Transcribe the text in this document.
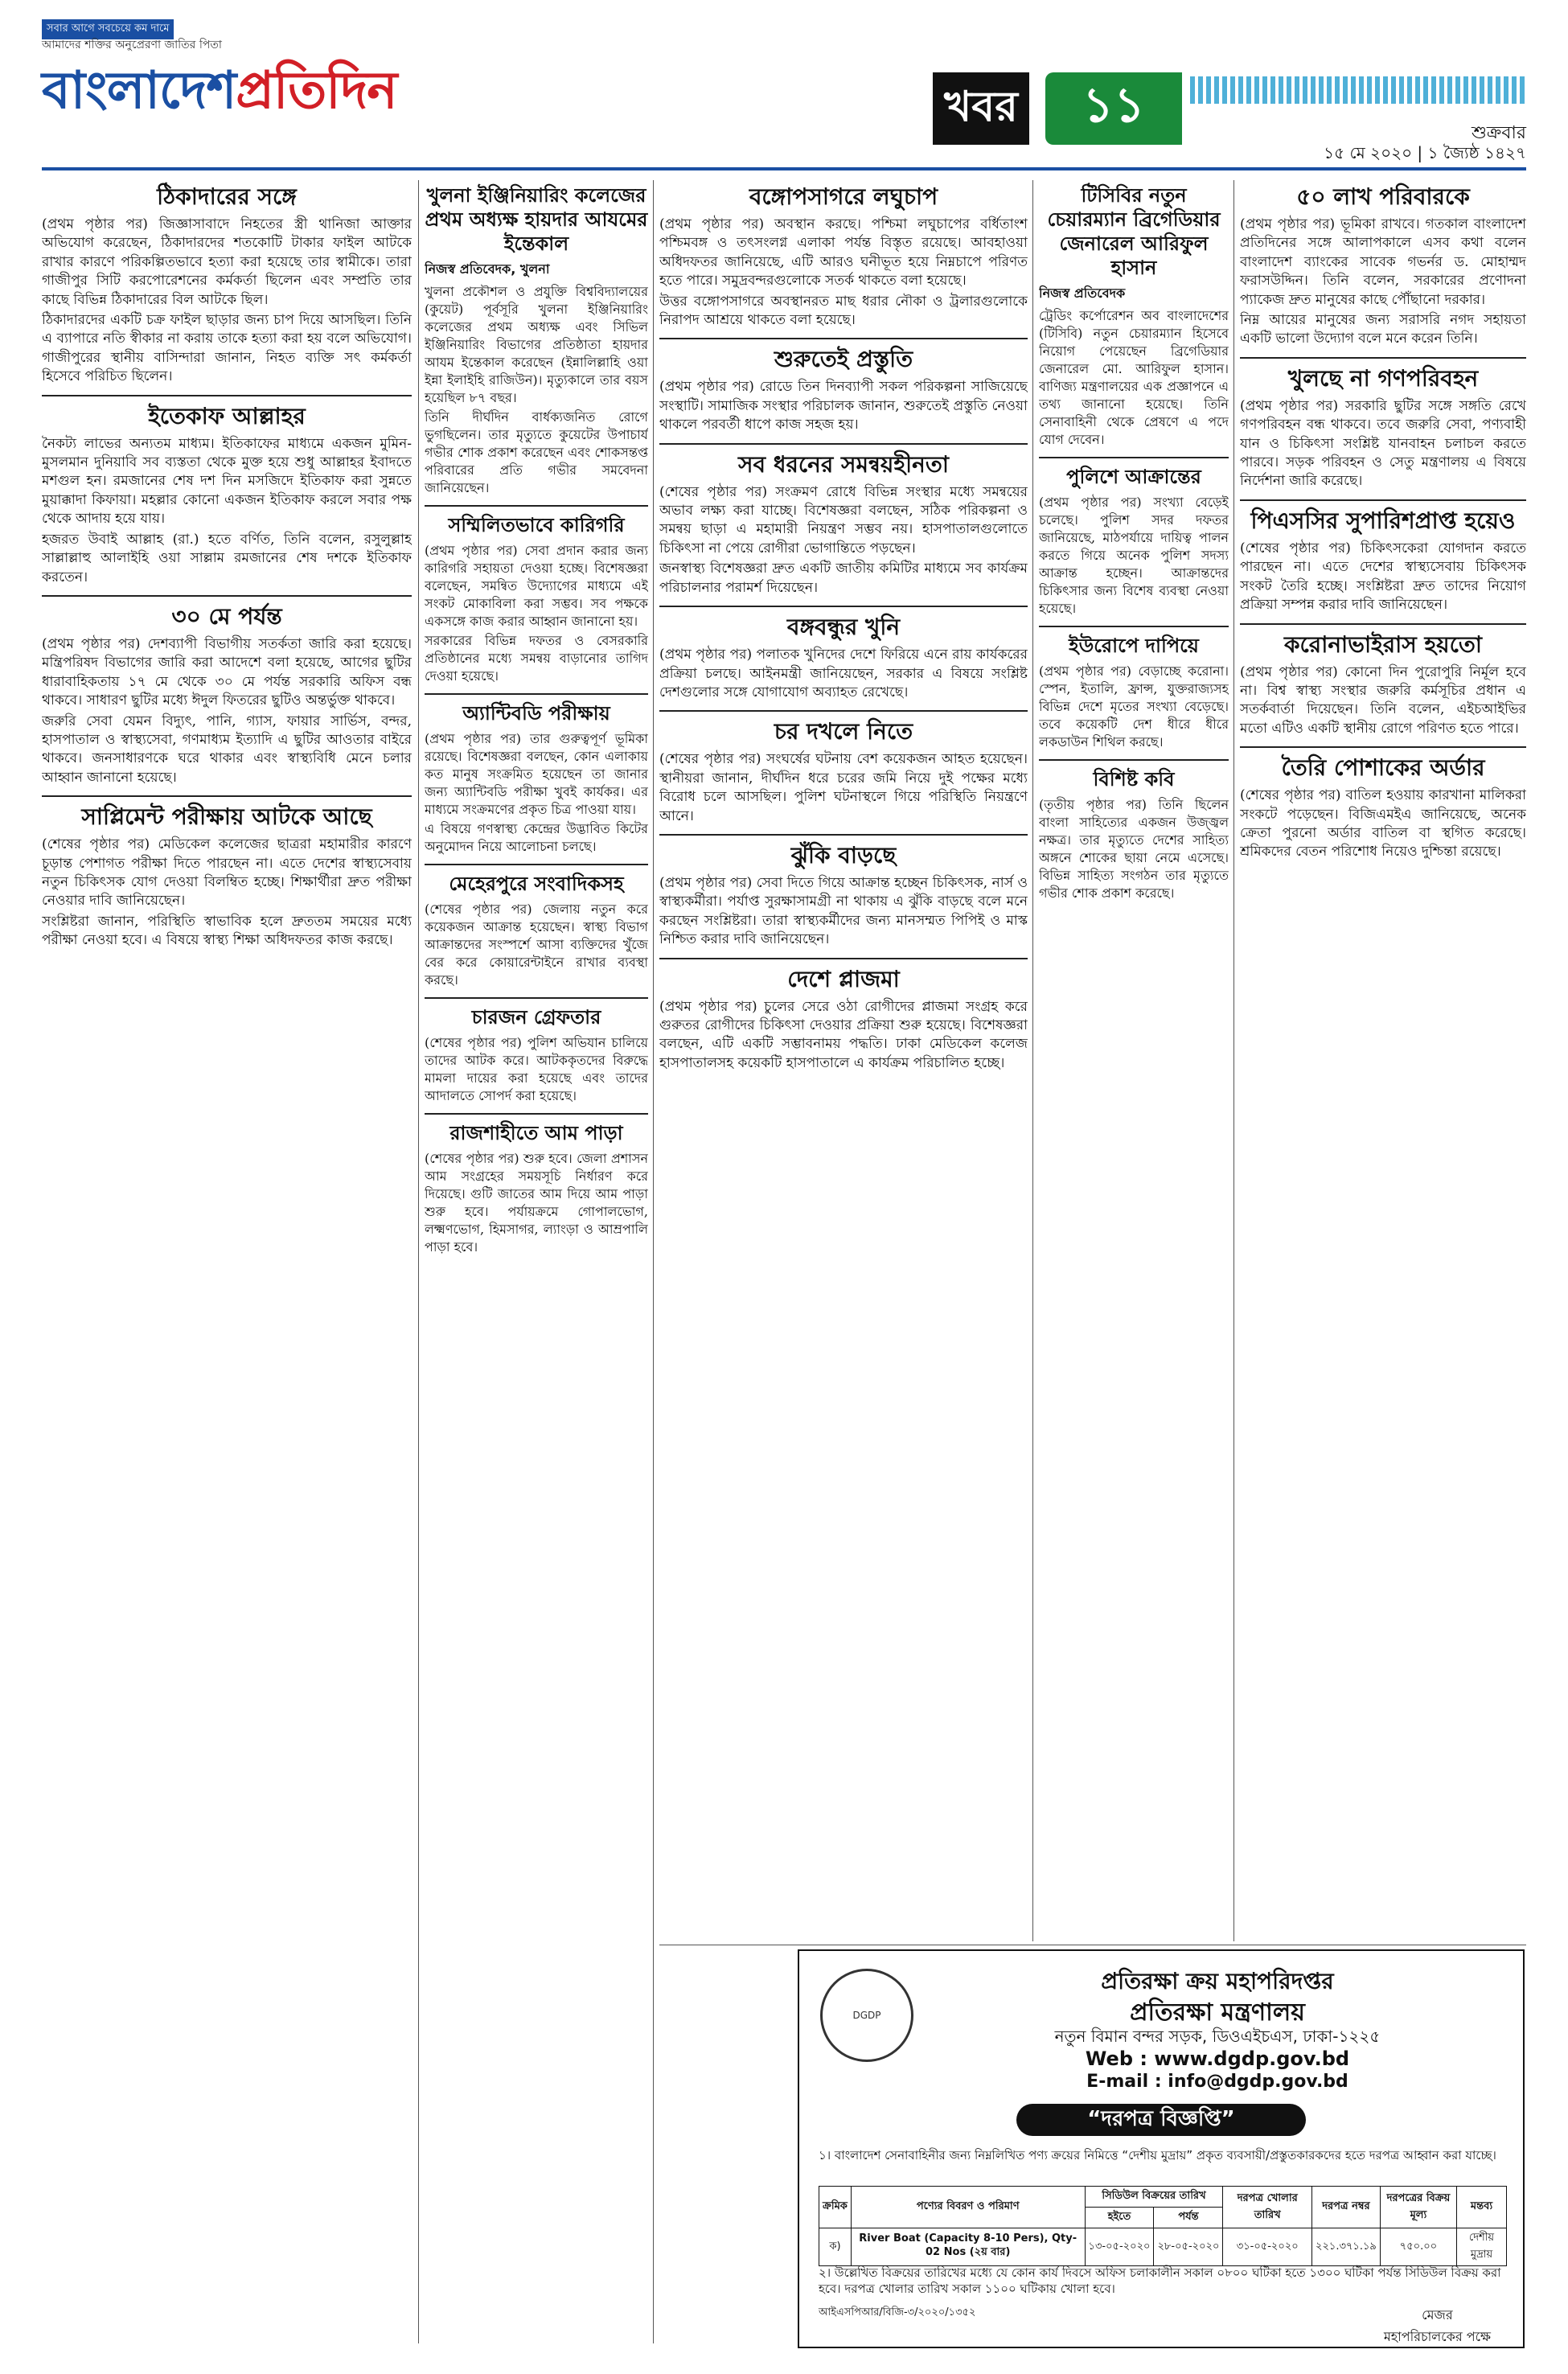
সবার আগে সবচেয়ে কম দামে
আমাদের শক্তির অনুপ্রেরণা জাতির পিতা
বাংলাদেশপ্রতিদিন	খবর	১১	শুক্রবার
১৫ মে ২০২০ | ১ জ্যৈষ্ঠ ১৪২৭
ঠিকাদারের সঙ্গে

(প্রথম পৃষ্ঠার পর) জিজ্ঞাসাবাদে নিহতের স্ত্রী থানিজা আক্তার অভিযোগ করেছেন, ঠিকাদারদের শতকোটি টাকার ফাইল আটকে রাখার কারণে পরিকল্পিতভাবে হত্যা করা হয়েছে তার স্বামীকে। তারা গাজীপুর সিটি করপোরেশনের কর্মকর্তা ছিলেন এবং সম্প্রতি তার কাছে বিভিন্ন ঠিকাদারের বিল আটকে ছিল।

ঠিকাদারদের একটি চক্র ফাইল ছাড়ার জন্য চাপ দিয়ে আসছিল। তিনি এ ব্যাপারে নতি স্বীকার না করায় তাকে হত্যা করা হয় বলে অভিযোগ। গাজীপুরের স্থানীয় বাসিন্দারা জানান, নিহত ব্যক্তি সৎ কর্মকর্তা হিসেবে পরিচিত ছিলেন।

ইতেকাফ আল্লাহর

নৈকট্য লাভের অন্যতম মাধ্যম। ইতিকাফের মাধ্যমে একজন মুমিন-মুসলমান দুনিয়াবি সব ব্যস্ততা থেকে মুক্ত হয়ে শুধু আল্লাহর ইবাদতে মশগুল হন। রমজানের শেষ দশ দিন মসজিদে ইতিকাফ করা সুন্নতে মুয়াক্কাদা কিফায়া। মহল্লার কোনো একজন ইতিকাফ করলে সবার পক্ষ থেকে আদায় হয়ে যায়।

হজরত উবাই আল্লাহ (রা.) হতে বর্ণিত, তিনি বলেন, রসুলুল্লাহ সাল্লাল্লাহু আলাইহি ওয়া সাল্লাম রমজানের শেষ দশকে ইতিকাফ করতেন।

৩০ মে পর্যন্ত

(প্রথম পৃষ্ঠার পর) দেশব্যাপী বিভাগীয় সতর্কতা জারি করা হয়েছে। মন্ত্রিপরিষদ বিভাগের জারি করা আদেশে বলা হয়েছে, আগের ছুটির ধারাবাহিকতায় ১৭ মে থেকে ৩০ মে পর্যন্ত সরকারি অফিস বন্ধ থাকবে। সাধারণ ছুটির মধ্যে ঈদুল ফিতরের ছুটিও অন্তর্ভুক্ত থাকবে।

জরুরি সেবা যেমন বিদ্যুৎ, পানি, গ্যাস, ফায়ার সার্ভিস, বন্দর, হাসপাতাল ও স্বাস্থ্যসেবা, গণমাধ্যম ইত্যাদি এ ছুটির আওতার বাইরে থাকবে। জনসাধারণকে ঘরে থাকার এবং স্বাস্থ্যবিধি মেনে চলার আহ্বান জানানো হয়েছে।

সাপ্লিমেন্ট পরীক্ষায় আটকে আছে

(শেষের পৃষ্ঠার পর) মেডিকেল কলেজের ছাত্ররা মহামারীর কারণে চূড়ান্ত পেশাগত পরীক্ষা দিতে পারছেন না। এতে দেশের স্বাস্থ্যসেবায় নতুন চিকিৎসক যোগ দেওয়া বিলম্বিত হচ্ছে। শিক্ষার্থীরা দ্রুত পরীক্ষা নেওয়ার দাবি জানিয়েছেন।

সংশ্লিষ্টরা জানান, পরিস্থিতি স্বাভাবিক হলে দ্রুততম সময়ের মধ্যে পরীক্ষা নেওয়া হবে। এ বিষয়ে স্বাস্থ্য শিক্ষা অধিদফতর কাজ করছে।

খুলনা ইঞ্জিনিয়ারিং কলেজের প্রথম অধ্যক্ষ হায়দার আযমের ইন্তেকাল
নিজস্ব প্রতিবেদক, খুলনা

খুলনা প্রকৌশল ও প্রযুক্তি বিশ্ববিদ্যালয়ের (কুয়েট) পূর্বসূরি খুলনা ইঞ্জিনিয়ারিং কলেজের প্রথম অধ্যক্ষ এবং সিভিল ইঞ্জিনিয়ারিং বিভাগের প্রতিষ্ঠাতা হায়দার আযম ইন্তেকাল করেছেন (ইন্নালিল্লাহি ওয়া ইন্না ইলাইহি রাজিউন)। মৃত্যুকালে তার বয়স হয়েছিল ৮৭ বছর।

তিনি দীর্ঘদিন বার্ধক্যজনিত রোগে ভুগছিলেন। তার মৃত্যুতে কুয়েটের উপাচার্য গভীর শোক প্রকাশ করেছেন এবং শোকসন্তপ্ত পরিবারের প্রতি গভীর সমবেদনা জানিয়েছেন।

সম্মিলিতভাবে কারিগরি

(প্রথম পৃষ্ঠার পর) সেবা প্রদান করার জন্য কারিগরি সহায়তা দেওয়া হচ্ছে। বিশেষজ্ঞরা বলেছেন, সমন্বিত উদ্যোগের মাধ্যমে এই সংকট মোকাবিলা করা সম্ভব। সব পক্ষকে একসঙ্গে কাজ করার আহ্বান জানানো হয়।

সরকারের বিভিন্ন দফতর ও বেসরকারি প্রতিষ্ঠানের মধ্যে সমন্বয় বাড়ানোর তাগিদ দেওয়া হয়েছে।

অ্যান্টিবডি পরীক্ষায়

(প্রথম পৃষ্ঠার পর) তার গুরুত্বপূর্ণ ভূমিকা রয়েছে। বিশেষজ্ঞরা বলছেন, কোন এলাকায় কত মানুষ সংক্রমিত হয়েছেন তা জানার জন্য অ্যান্টিবডি পরীক্ষা খুবই কার্যকর। এর মাধ্যমে সংক্রমণের প্রকৃত চিত্র পাওয়া যায়।

এ বিষয়ে গণস্বাস্থ্য কেন্দ্রের উদ্ভাবিত কিটের অনুমোদন নিয়ে আলোচনা চলছে।

মেহেরপুরে সংবাদিকসহ

(শেষের পৃষ্ঠার পর) জেলায় নতুন করে কয়েকজন আক্রান্ত হয়েছেন। স্বাস্থ্য বিভাগ আক্রান্তদের সংস্পর্শে আসা ব্যক্তিদের খুঁজে বের করে কোয়ারেন্টাইনে রাখার ব্যবস্থা করছে।

চারজন গ্রেফতার

(শেষের পৃষ্ঠার পর) পুলিশ অভিযান চালিয়ে তাদের আটক করে। আটককৃতদের বিরুদ্ধে মামলা দায়ের করা হয়েছে এবং তাদের আদালতে সোপর্দ করা হয়েছে।

রাজশাহীতে আম পাড়া

(শেষের পৃষ্ঠার পর) শুরু হবে। জেলা প্রশাসন আম সংগ্রহের সময়সূচি নির্ধারণ করে দিয়েছে। গুটি জাতের আম দিয়ে আম পাড়া শুরু হবে। পর্যায়ক্রমে গোপালভোগ, লক্ষ্মণভোগ, হিমসাগর, ল্যাংড়া ও আম্রপালি পাড়া হবে।

বঙ্গোপসাগরে লঘুচাপ

(প্রথম পৃষ্ঠার পর) অবস্থান করছে। পশ্চিমা লঘুচাপের বর্ধিতাংশ পশ্চিমবঙ্গ ও তৎসংলগ্ন এলাকা পর্যন্ত বিস্তৃত রয়েছে। আবহাওয়া অধিদফতর জানিয়েছে, এটি আরও ঘনীভূত হয়ে নিম্নচাপে পরিণত হতে পারে। সমুদ্রবন্দরগুলোকে সতর্ক থাকতে বলা হয়েছে।

উত্তর বঙ্গোপসাগরে অবস্থানরত মাছ ধরার নৌকা ও ট্রলারগুলোকে নিরাপদ আশ্রয়ে থাকতে বলা হয়েছে।

শুরুতেই প্রস্তুতি

(প্রথম পৃষ্ঠার পর) রোডে তিন দিনব্যাপী সকল পরিকল্পনা সাজিয়েছে সংস্থাটি। সামাজিক সংস্থার পরিচালক জানান, শুরুতেই প্রস্তুতি নেওয়া থাকলে পরবর্তী ধাপে কাজ সহজ হয়।

সব ধরনের সমন্বয়হীনতা

(শেষের পৃষ্ঠার পর) সংক্রমণ রোধে বিভিন্ন সংস্থার মধ্যে সমন্বয়ের অভাব লক্ষ্য করা যাচ্ছে। বিশেষজ্ঞরা বলছেন, সঠিক পরিকল্পনা ও সমন্বয় ছাড়া এ মহামারী নিয়ন্ত্রণ সম্ভব নয়। হাসপাতালগুলোতে চিকিৎসা না পেয়ে রোগীরা ভোগান্তিতে পড়ছেন।

জনস্বাস্থ্য বিশেষজ্ঞরা দ্রুত একটি জাতীয় কমিটির মাধ্যমে সব কার্যক্রম পরিচালনার পরামর্শ দিয়েছেন।

বঙ্গবন্ধুর খুনি

(প্রথম পৃষ্ঠার পর) পলাতক খুনিদের দেশে ফিরিয়ে এনে রায় কার্যকরের প্রক্রিয়া চলছে। আইনমন্ত্রী জানিয়েছেন, সরকার এ বিষয়ে সংশ্লিষ্ট দেশগুলোর সঙ্গে যোগাযোগ অব্যাহত রেখেছে।

চর দখলে নিতে

(শেষের পৃষ্ঠার পর) সংঘর্ষের ঘটনায় বেশ কয়েকজন আহত হয়েছেন। স্থানীয়রা জানান, দীর্ঘদিন ধরে চরের জমি নিয়ে দুই পক্ষের মধ্যে বিরোধ চলে আসছিল। পুলিশ ঘটনাস্থলে গিয়ে পরিস্থিতি নিয়ন্ত্রণে আনে।

ঝুঁকি বাড়ছে

(প্রথম পৃষ্ঠার পর) সেবা দিতে গিয়ে আক্রান্ত হচ্ছেন চিকিৎসক, নার্স ও স্বাস্থ্যকর্মীরা। পর্যাপ্ত সুরক্ষাসামগ্রী না থাকায় এ ঝুঁকি বাড়ছে বলে মনে করছেন সংশ্লিষ্টরা। তারা স্বাস্থ্যকর্মীদের জন্য মানসম্মত পিপিই ও মাস্ক নিশ্চিত করার দাবি জানিয়েছেন।

দেশে প্লাজমা

(প্রথম পৃষ্ঠার পর) চুলের সেরে ওঠা রোগীদের প্লাজমা সংগ্রহ করে গুরুতর রোগীদের চিকিৎসা দেওয়ার প্রক্রিয়া শুরু হয়েছে। বিশেষজ্ঞরা বলছেন, এটি একটি সম্ভাবনাময় পদ্ধতি। ঢাকা মেডিকেল কলেজ হাসপাতালসহ কয়েকটি হাসপাতালে এ কার্যক্রম পরিচালিত হচ্ছে।

টিসিবির নতুন চেয়ারম্যান ব্রিগেডিয়ার জেনারেল আরিফুল হাসান
নিজস্ব প্রতিবেদক

ট্রেডিং কর্পোরেশন অব বাংলাদেশের (টিসিবি) নতুন চেয়ারম্যান হিসেবে নিয়োগ পেয়েছেন ব্রিগেডিয়ার জেনারেল মো. আরিফুল হাসান। বাণিজ্য মন্ত্রণালয়ের এক প্রজ্ঞাপনে এ তথ্য জানানো হয়েছে। তিনি সেনাবাহিনী থেকে প্রেষণে এ পদে যোগ দেবেন।

পুলিশে আক্রান্তের

(প্রথম পৃষ্ঠার পর) সংখ্যা বেড়েই চলেছে। পুলিশ সদর দফতর জানিয়েছে, মাঠপর্যায়ে দায়িত্ব পালন করতে গিয়ে অনেক পুলিশ সদস্য আক্রান্ত হচ্ছেন। আক্রান্তদের চিকিৎসার জন্য বিশেষ ব্যবস্থা নেওয়া হয়েছে।

ইউরোপে দাপিয়ে

(প্রথম পৃষ্ঠার পর) বেড়াচ্ছে করোনা। স্পেন, ইতালি, ফ্রান্স, যুক্তরাজ্যসহ বিভিন্ন দেশে মৃতের সংখ্যা বেড়েছে। তবে কয়েকটি দেশ ধীরে ধীরে লকডাউন শিথিল করছে।

বিশিষ্ট কবি

(তৃতীয় পৃষ্ঠার পর) তিনি ছিলেন বাংলা সাহিত্যের একজন উজ্জ্বল নক্ষত্র। তার মৃত্যুতে দেশের সাহিত্য অঙ্গনে শোকের ছায়া নেমে এসেছে। বিভিন্ন সাহিত্য সংগঠন তার মৃত্যুতে গভীর শোক প্রকাশ করেছে।

৫০ লাখ পরিবারকে

(প্রথম পৃষ্ঠার পর) ভূমিকা রাখবে। গতকাল বাংলাদেশ প্রতিদিনের সঙ্গে আলাপকালে এসব কথা বলেন বাংলাদেশ ব্যাংকের সাবেক গভর্নর ড. মোহাম্মদ ফরাসউদ্দিন। তিনি বলেন, সরকারের প্রণোদনা প্যাকেজ দ্রুত মানুষের কাছে পৌঁছানো দরকার।

নিম্ন আয়ের মানুষের জন্য সরাসরি নগদ সহায়তা একটি ভালো উদ্যোগ বলে মনে করেন তিনি।

খুলছে না গণপরিবহন

(প্রথম পৃষ্ঠার পর) সরকারি ছুটির সঙ্গে সঙ্গতি রেখে গণপরিবহন বন্ধ থাকবে। তবে জরুরি সেবা, পণ্যবাহী যান ও চিকিৎসা সংশ্লিষ্ট যানবাহন চলাচল করতে পারবে। সড়ক পরিবহন ও সেতু মন্ত্রণালয় এ বিষয়ে নির্দেশনা জারি করেছে।

পিএসসির সুপারিশপ্রাপ্ত হয়েও

(শেষের পৃষ্ঠার পর) চিকিৎসকেরা যোগদান করতে পারছেন না। এতে দেশের স্বাস্থ্যসেবায় চিকিৎসক সংকট তৈরি হচ্ছে। সংশ্লিষ্টরা দ্রুত তাদের নিয়োগ প্রক্রিয়া সম্পন্ন করার দাবি জানিয়েছেন।

করোনাভাইরাস হয়তো

(প্রথম পৃষ্ঠার পর) কোনো দিন পুরোপুরি নির্মূল হবে না। বিশ্ব স্বাস্থ্য সংস্থার জরুরি কর্মসূচির প্রধান এ সতর্কবার্তা দিয়েছেন। তিনি বলেন, এইচআইভির মতো এটিও একটি স্থানীয় রোগে পরিণত হতে পারে।

তৈরি পোশাকের অর্ডার

(শেষের পৃষ্ঠার পর) বাতিল হওয়ায় কারখানা মালিকরা সংকটে পড়েছেন। বিজিএমইএ জানিয়েছে, অনেক ক্রেতা পুরনো অর্ডার বাতিল বা স্থগিত করেছে। শ্রমিকদের বেতন পরিশোধ নিয়েও দুশ্চিন্তা রয়েছে।

DGDP
প্রতিরক্ষা ক্রয় মহাপরিদপ্তর
প্রতিরক্ষা মন্ত্রণালয়
নতুন বিমান বন্দর সড়ক, ডিওএইচএস, ঢাকা-১২২৫
Web : www.dgdp.gov.bd
E-mail : info@dgdp.gov.bd
“দরপত্র বিজ্ঞপ্তি”
১। বাংলাদেশ সেনাবাহিনীর জন্য নিম্নলিখিত পণ্য ক্রয়ের নিমিত্তে “দেশীয় মুদ্রায়” প্রকৃত ব্যবসায়ী/প্রস্তুতকারকদের হতে দরপত্র আহ্বান করা যাচ্ছে।
ক্রমিক	পণ্যের বিবরণ ও পরিমাণ	সিডিউল বিক্রয়ের তারিখ		দরপত্র খোলার তারিখ	দরপত্র নম্বর	দরপত্রের বিক্রয় মূল্য	মন্তব্য
		হইতে	পর্যন্ত				
ক)	River Boat (Capacity 8-10 Pers), Qty-02 Nos (২য় বার)	১৩-০৫-২০২০	২৮-০৫-২০২০	৩১-০৫-২০২০	২২১.৩৭১.১৯	৭৫০.০০	দেশীয় মুদ্রায়
২। উল্লেখিত বিক্রয়ের তারিখের মধ্যে যে কোন কার্য দিবসে অফিস চলাকালীন সকাল ০৮০০ ঘটিকা হতে ১৩০০ ঘটিকা পর্যন্ত সিডিউল বিক্রয় করা হবে। দরপত্র খোলার তারিখ সকাল ১১০০ ঘটিকায় খোলা হবে।
আইএসপিআর/বিজি-৩/২০২০/১৩৫২	মেজর
মহাপরিচালকের পক্ষে
